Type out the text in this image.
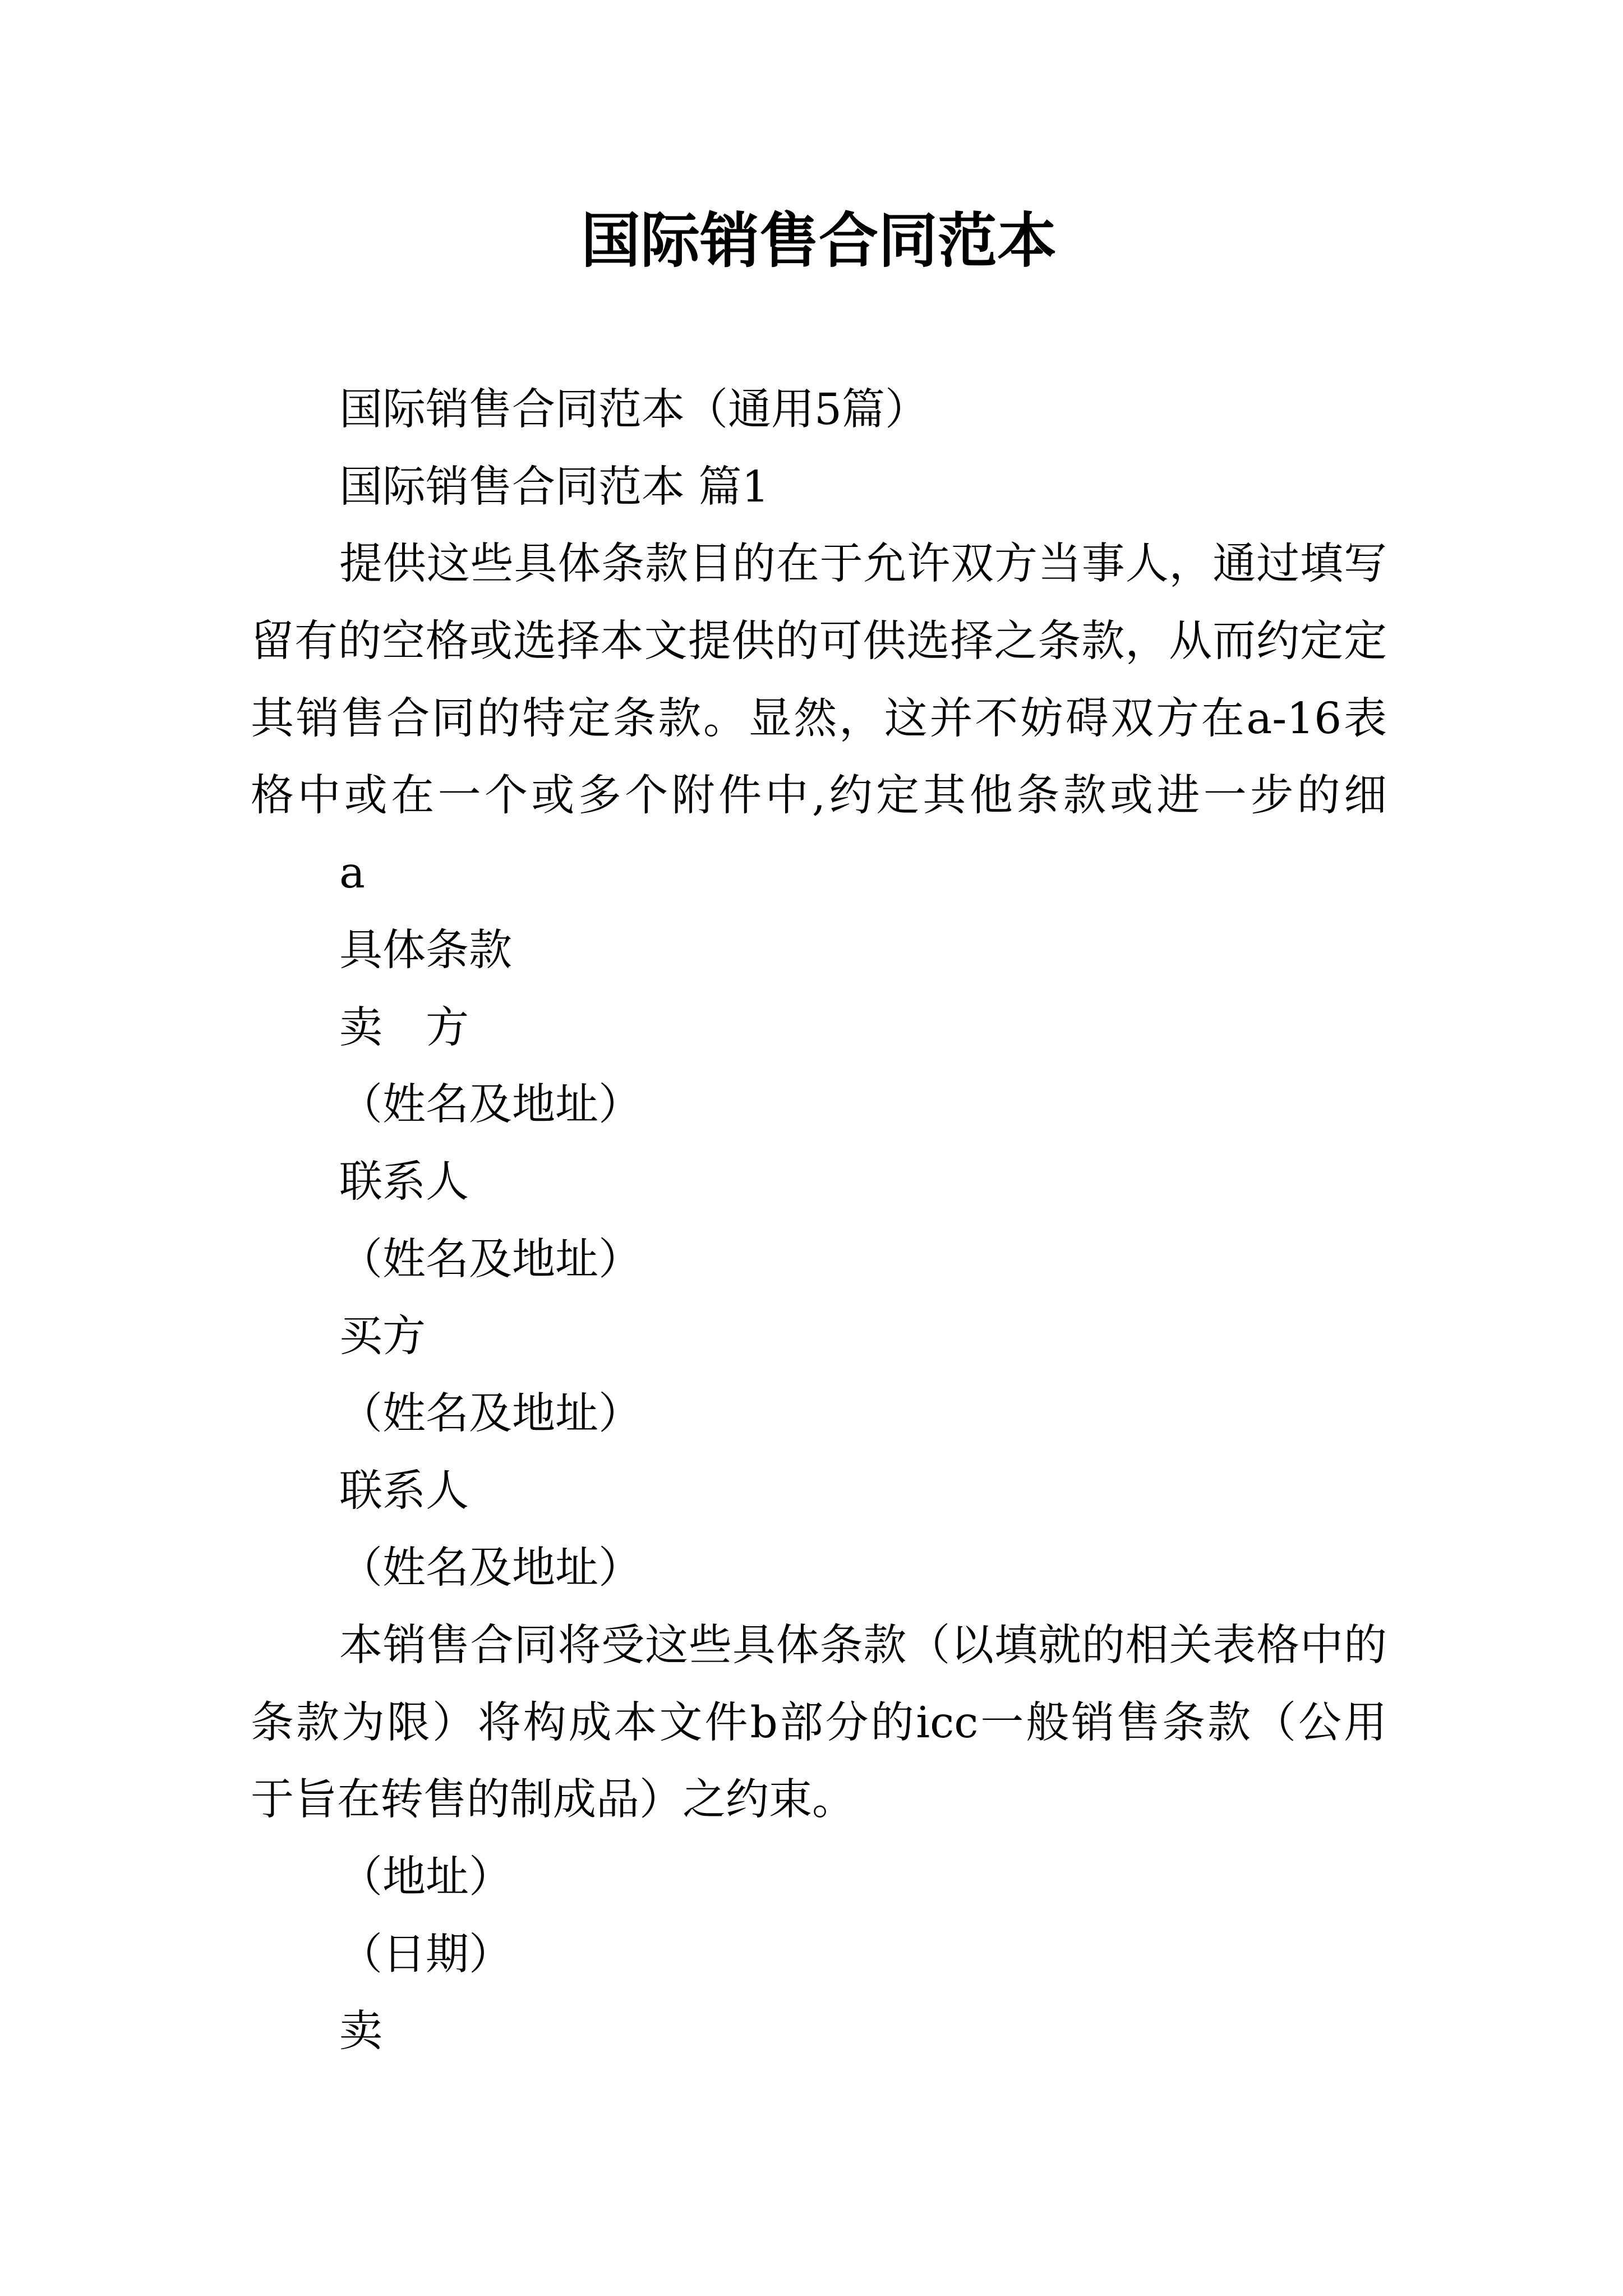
国际销售合同范本
国际销售合同范本（通用5篇）
国际销售合同范本 篇1
提供这些具体条款目的在于允许双方当事人，通过填写
留有的空格或选择本文提供的可供选择之条款，从而约定定
其销售合同的特定条款。显然，这并不妨碍双方在a-16表
格中或在一个或多个附件中,约定其他条款或进一步的细
a
具体条款
卖　方
（姓名及地址）
联系人
（姓名及地址）
买方
（姓名及地址）
联系人
（姓名及地址）
本销售合同将受这些具体条款（以填就的相关表格中的
条款为限）将构成本文件b部分的icc一般销售条款（公用
于旨在转售的制成品）之约束。
（地址）
（日期）
卖
